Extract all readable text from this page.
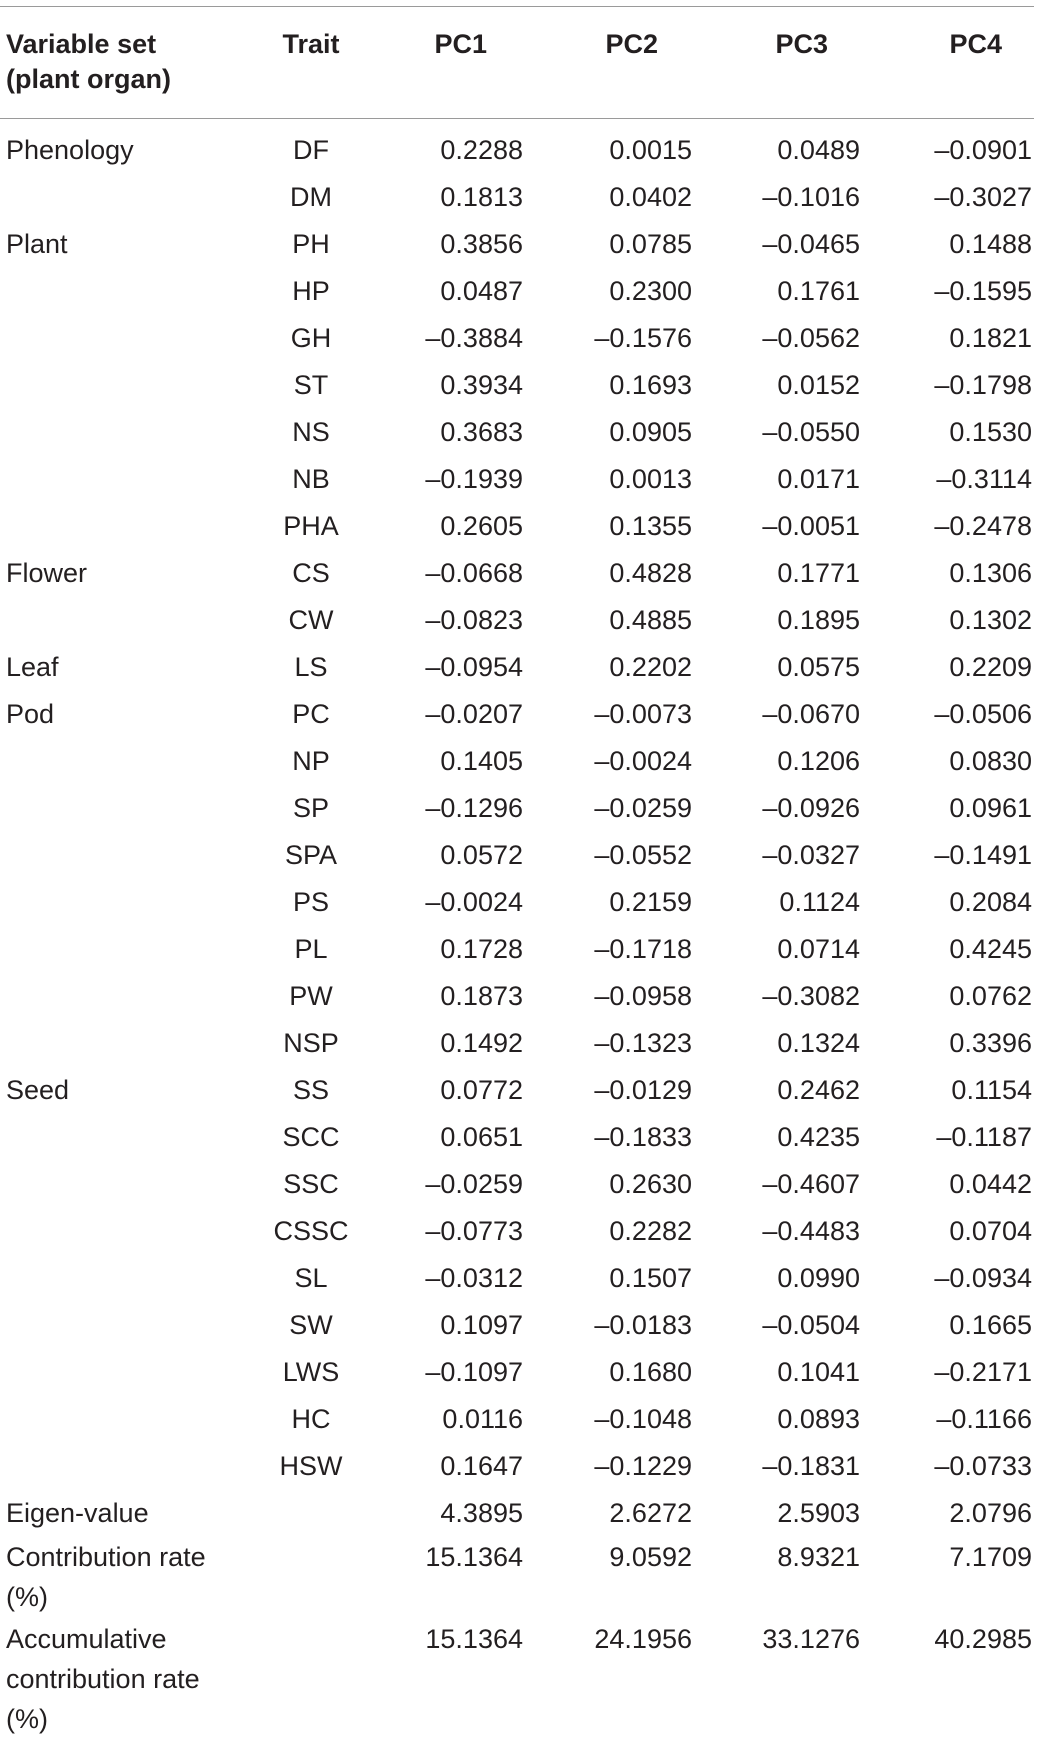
Variable set (plant organ)	Trait	PC1	PC2	PC3	PC4
Phenology	DF	0.2288	0.0015	0.0489	–0.0901
	DM	0.1813	0.0402	–0.1016	–0.3027
Plant	PH	0.3856	0.0785	–0.0465	0.1488
	HP	0.0487	0.2300	0.1761	–0.1595
	GH	–0.3884	–0.1576	–0.0562	0.1821
	ST	0.3934	0.1693	0.0152	–0.1798
	NS	0.3683	0.0905	–0.0550	0.1530
	NB	–0.1939	0.0013	0.0171	–0.3114
	PHA	0.2605	0.1355	–0.0051	–0.2478
Flower	CS	–0.0668	0.4828	0.1771	0.1306
	CW	–0.0823	0.4885	0.1895	0.1302
Leaf	LS	–0.0954	0.2202	0.0575	0.2209
Pod	PC	–0.0207	–0.0073	–0.0670	–0.0506
	NP	0.1405	–0.0024	0.1206	0.0830
	SP	–0.1296	–0.0259	–0.0926	0.0961
	SPA	0.0572	–0.0552	–0.0327	–0.1491
	PS	–0.0024	0.2159	0.1124	0.2084
	PL	0.1728	–0.1718	0.0714	0.4245
	PW	0.1873	–0.0958	–0.3082	0.0762
	NSP	0.1492	–0.1323	0.1324	0.3396
Seed	SS	0.0772	–0.0129	0.2462	0.1154
	SCC	0.0651	–0.1833	0.4235	–0.1187
	SSC	–0.0259	0.2630	–0.4607	0.0442
	CSSC	–0.0773	0.2282	–0.4483	0.0704
	SL	–0.0312	0.1507	0.0990	–0.0934
	SW	0.1097	–0.0183	–0.0504	0.1665
	LWS	–0.1097	0.1680	0.1041	–0.2171
	HC	0.0116	–0.1048	0.0893	–0.1166
	HSW	0.1647	–0.1229	–0.1831	–0.0733
Eigen-value		4.3895	2.6272	2.5903	2.0796
Contribution rate (%)		15.1364	9.0592	8.9321	7.1709
Accumulative contribution rate (%)		15.1364	24.1956	33.1276	40.2985
